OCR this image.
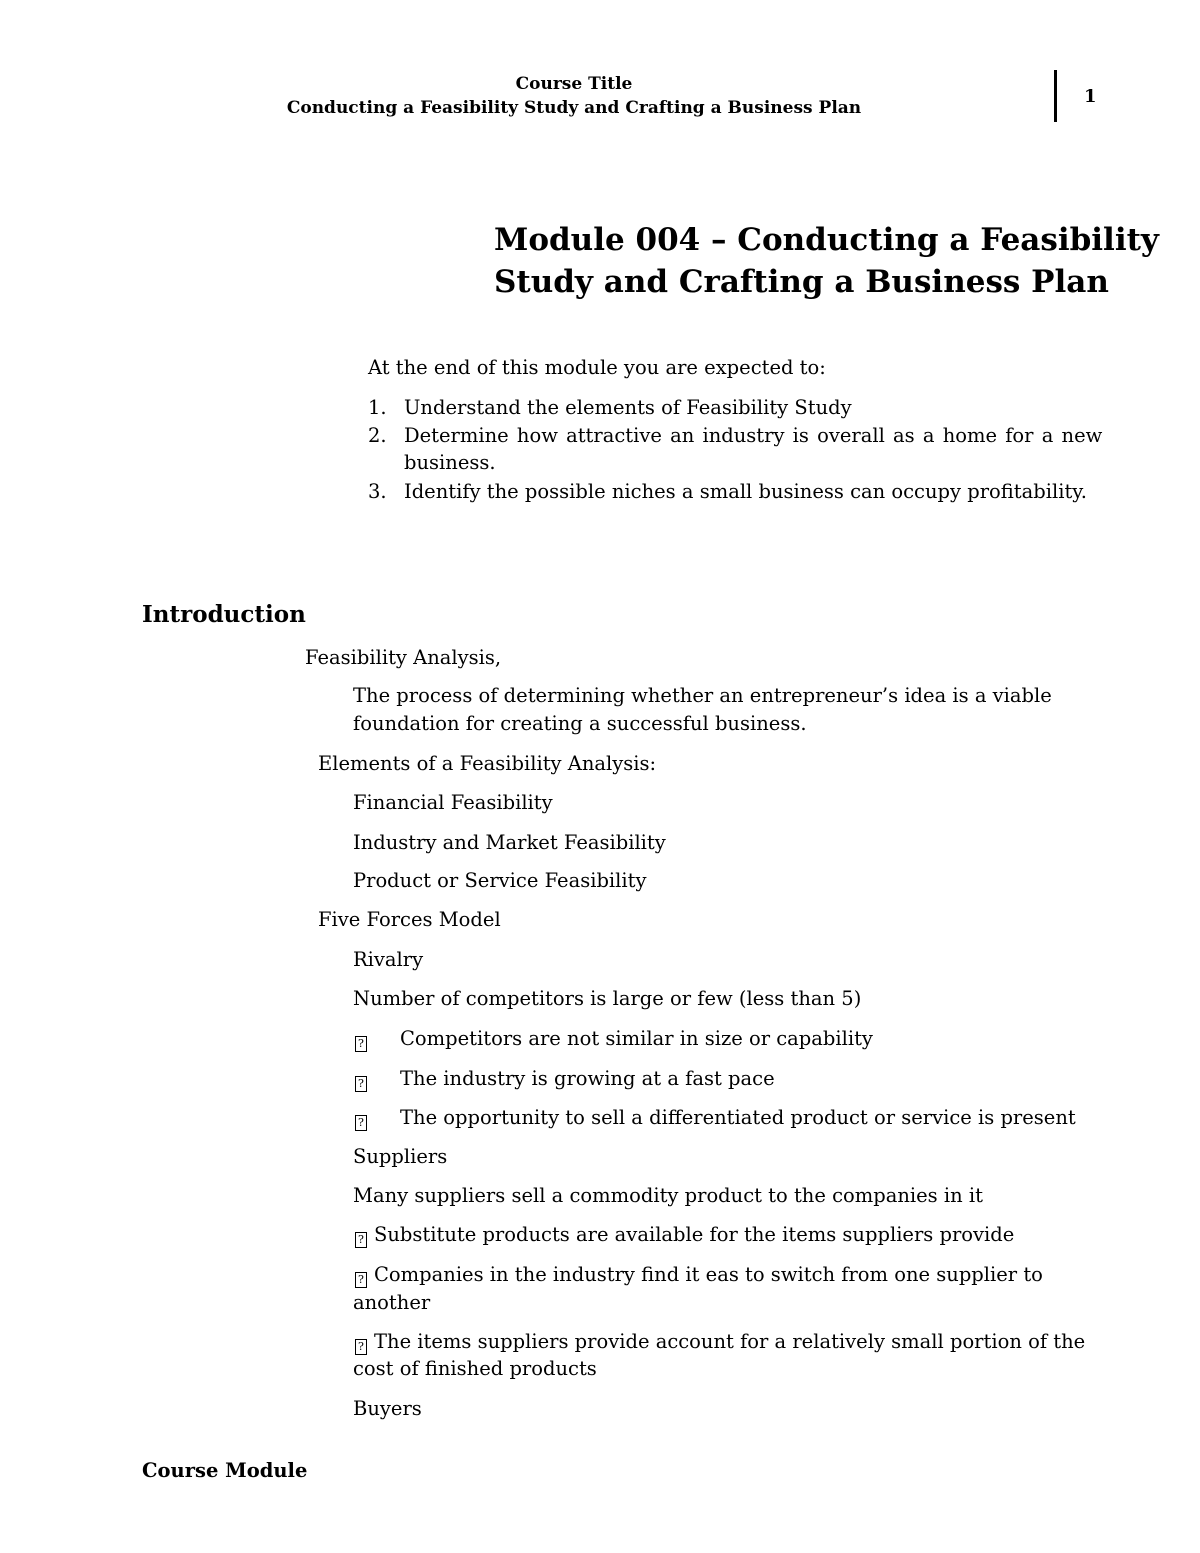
Course Title
Conducting a Feasibility Study and Crafting a Business Plan
1
Module 004 – Conducting a Feasibility
Study and Crafting a Business Plan
At the end of this module you are expected to:
1. Understand the elements of Feasibility Study
2. Determine how attractive an industry is overall as a home for a new
business.
3. Identify the possible niches a small business can occupy profitability.
Introduction
Feasibility Analysis,
The process of determining whether an entrepreneur’s idea is a viable
foundation for creating a successful business.
Elements of a Feasibility Analysis:
Financial Feasibility
Industry and Market Feasibility
Product or Service Feasibility
Five Forces Model
Rivalry
Number of competitors is large or few (less than 5)
? Competitors are not similar in size or capability
? The industry is growing at a fast pace
? The opportunity to sell a differentiated product or service is present
Suppliers
Many suppliers sell a commodity product to the companies in it
? Substitute products are available for the items suppliers provide
? Companies in the industry find it eas to switch from one supplier to
another
? The items suppliers provide account for a relatively small portion of the
cost of finished products
Buyers
Course Module
